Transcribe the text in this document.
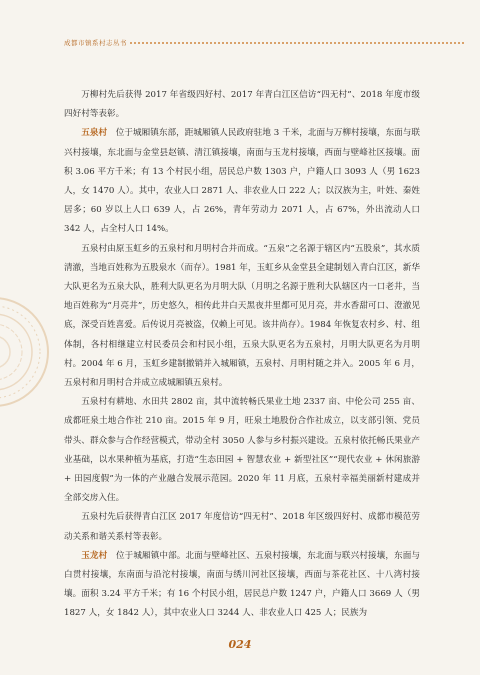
成都市镇系村志丛书

万柳村先后获得 2017 年省级四好村、2017 年青白江区信访“四无村”、2018 年度市级四好村等表彰。

五泉村　 位于城厢镇东部，距城厢镇人民政府驻地 3 千米，北面与万柳村接壤，东面与联兴村接壤，东北面与金堂县赵镇、清江镇接壤，南面与玉龙村接壤，西面与壁峰社区接壤。面积 3.06 平方千米；有 13 个村民小组，居民总户数 1303 户，户籍人口 3093 人（男 1623 人，女 1470 人）。其中，农业人口 2871 人、非农业人口 222 人；以汉族为主，叶姓、秦姓居多；60 岁以上人口 639 人，占 26%，青年劳动力 2071 人，占 67%，外出流动人口 342 人，占全村人口 14%。

五泉村由原玉虹乡的五泉村和月明村合并而成。“五泉”之名源于辖区内“五股泉”，其水质清澈，当地百姓称为五股泉水（而存）。1981 年，玉虹乡从金堂县全建制划入青白江区，新华大队更名为五泉大队，胜利大队更名为月明大队（月明之名源于胜利大队辖区内一口老井，当地百姓称为“月亮井”，历史悠久，相传此井白天黑夜井里都可见月亮，井水香甜可口、澄澈见底，深受百姓喜爱。后传说月亮被盗，仅赖上可见。该井尚存）。1984 年恢复农村乡、村、组体制，各村相继建立村民委员会和村民小组，五泉大队更名为五泉村，月明大队更名为月明村。2004 年 6 月，玉虹乡建制撤销并入城厢镇，五泉村、月明村随之并入。2005 年 6 月，五泉村和月明村合并成立成城厢镇五泉村。

五泉村有耕地、水田共 2802 亩，其中流转畅氏果业土地 2337 亩、中伦公司 255 亩、成都旺泉土地合作社 210 亩。2015 年 9 月，旺泉土地股份合作社成立，以支部引领、党员带头、群众参与合作经营模式，带动全村 3050 人参与乡村振兴建设。五泉村依托畅氏果业产业基础，以水果种植为基底，打造“生态田园 + 智慧农业 + 新型社区”“现代农业 + 休闲旅游 + 田园度假”为一体的产业融合发展示范园。2020 年 11 月底，五泉村幸福美丽新村建成并全部交房入住。

五泉村先后获得青白江区 2017 年度信访“四无村”、2018 年区级四好村、成都市模范劳动关系和谐关系村等表彰。

玉龙村　 位于城厢镇中部。北面与壁峰社区、五泉村接壤，东北面与联兴村接壤，东面与白贯村接壤，东南面与沿沱村接壤，南面与绣川河社区接壤，西面与茶花社区、十八湾村接壤。面积 3.24 平方千米；有 16 个村民小组，居民总户数 1247 户，户籍人口 3669 人（男 1827 人，女 1842 人），其中农业人口 3244 人、非农业人口 425 人；民族为

024
